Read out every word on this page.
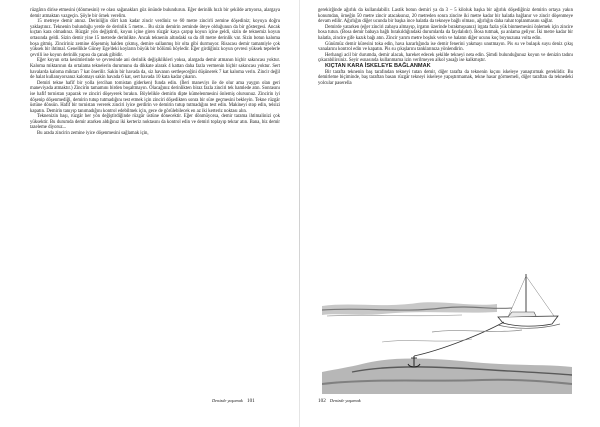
rüzgârın dirise etmesini (dönmesini) ve olası sağanakları göz önünde bulundurun. Eğer derinlik hızlı bir şekilde artıyorsa, alargaya demir atmaktan vazgeçin. Şöyle bir örnek verelim.

15 metreye demir atınız. Derinliğin dört katı kadar zincir verdiniz ve 60 metre zincirli zemine döşediniz; koyuya doğru yaklaştınız. Teknenin bulunduğu yerde de derinlik 5 metre... Bu sizin demirin zeminde öteye olduğunun da bir göstergesi. Ancak kıçtan kara olmadınız. Rüzgâr yön değiştirdi, koyun içine giren rüzgâr kaya çarpıp koyun içine geldi, sizin de teknemiz koyun ortasında geldi. Sizin demir yine 15 metrede derinlikte. Ancak teknenin altındaki su da 40 metre derinlik var. Sizin botun kaloma boşa gitmiş. Zinciriniz zemine döşenmiş halden çıkmış, demire sallanmış bir olta gibi durmuyor. Risacası demir tamamiyle çok yüksek bir ihtimal. Genellikle Güney Ege'deki koyların büyük bir bölümü böyledir. Eğer girdiğiniz koyun çevresi yüksek tepelerle çevrili ise koyun derinlik yapısı da çanak gibidir.

Eğer koyun orta kesimlerinde ve çevresinde ani derinlik değişiklikleri yoksa, alargada demir atmanın hiçbir sakıncası yoktur. Kaloma miktarının da ortalama teknelerin durumunu da dikkate alarak 4 kattan daha fazla vermenin hiçbir sakıncası yoktur. Sert havalarda kaloma miktarı 7 kat önerilir. Sakin bir havada da, siz havanın sertleşeceğini düşünerek 7 kat kaloma verin. Zincir değil de halat kullanıyorsanız kalomayı sakin havada 6 kat, sert havada 10 kata kadar çıkarın.

Demiri tekne hafif bir yolla (ercihan tornistan giderken) funda edin. (İleri maneviyı ile de olur ama yaygın olan geri maneviyada atmaktır.) Zincirin tamamını birden boşaltmayın. Olacağınız derinlikten biraz fazla zinciri tek hamlede atın. Sonrasını ise hafif tornistan yaparak ve zinciri döşeyerek bırakın. Böylelikle demirin dipte kümelenmesini önlemiş olursunuz. Zincirin iyi döşenip döşenmediği, demirin tutup tutmadığını test etmek için zinciri döşedikten sonra bir süre geçmesini bekleyin. Tekne rüzgâr üstüne dönsün. Hafif bir tornistan vererek zinciri iyice gerdirin ve demirin tutup tutmadığını test edin. Makineyi stop edin, telsizi kapatın. Demirin tanıyıp tanımadığını kontrol edebilmek için, gece de görülebilecek en az iki kerteriz noktası alın.

Teknenizin başı, rüzgâr her yön değiştirdiğinde rüzgâr üstüne dönecektir. Eğer dönmüyorsa, demir tarama ihtimalinizi çok yüksektir. Bu durumda demir atarken aldığınız iki kerteriz noktasını da kontrol edin ve demiri toplayıp tekrar atın. Bana, biz demir tazeleme diyoruz...

Bu arada zincirin zemine iyice döşenmesini sağlamak için,

Denizde yaşamak 101

gerekirğinde ağırlık da kullanılabilir. Lastik botun demiri ya da 3 – 5 kiloluk başka bir ağırlık döşediğiniz demirin ortaya yakın konumdan, örneğin 50 metre zincir atacaksınız, 20 metreden sonra zincire iki metre kadar bir halatla bağlanır ve zincir döşenmeye devam edilir. Ağırlığın diğer ucunda bir başka ince halatla da tekneye bağlı olması, ağırlığın daha rahat toplanmasını sağlar.

Demirde yatarken (eğer zinciri zabaya almayıp, irgatın üzerinde bırakmışsanız) irgata fazla yük binmemesini önlemek için zincire bosa tutun. (Bosa demir babaya bağlı bırakıldığındaki durumlarda da faydalıdır). Bosa tutmak, şu anlama geliyor. İki metre kadar bir halatla, zincire gife kazık bağı atın. Zincir yarım metre boşluk verin ve halatın diğer ucunu koç boynuzuna volta edin.

Günümüz demir küresini toka edin, hava kararlığında ise demir fenerini yakmayı unutmayın. Pis su ve bulaşık suyu deniz çıkış vanalarını kontrol edin ve kapatın. Pis su çıkışlarını tanklarınıza yönlendirin.

Herhangi acil bir durumda, demir alacak, hareket edecek şekilde tekneyi neta edin. Şimdi bulunduğunuz koyun ve denizin tadını çıkarabilirsiniz. Seyir esnasında kullanmama izin verilmeyen alkol yasağı ise kalkmıştır.

KIÇTAN KARA İSKELEYE BAĞLANMAK

Bir tarafta teknenin baş tarafından tekneyi tutan demir, diğer tarafta da teknenin kıçını iskeleye yanaştırmak gereklidir. Bu demirleme biçiminde, baş taraftan basan rüzgâr tekneyi iskeleye yapıştırmamak, tekne hasar görmemeli, diğer taraftan da teknedeki yolcular paserella

102 Denizde yaşamak
